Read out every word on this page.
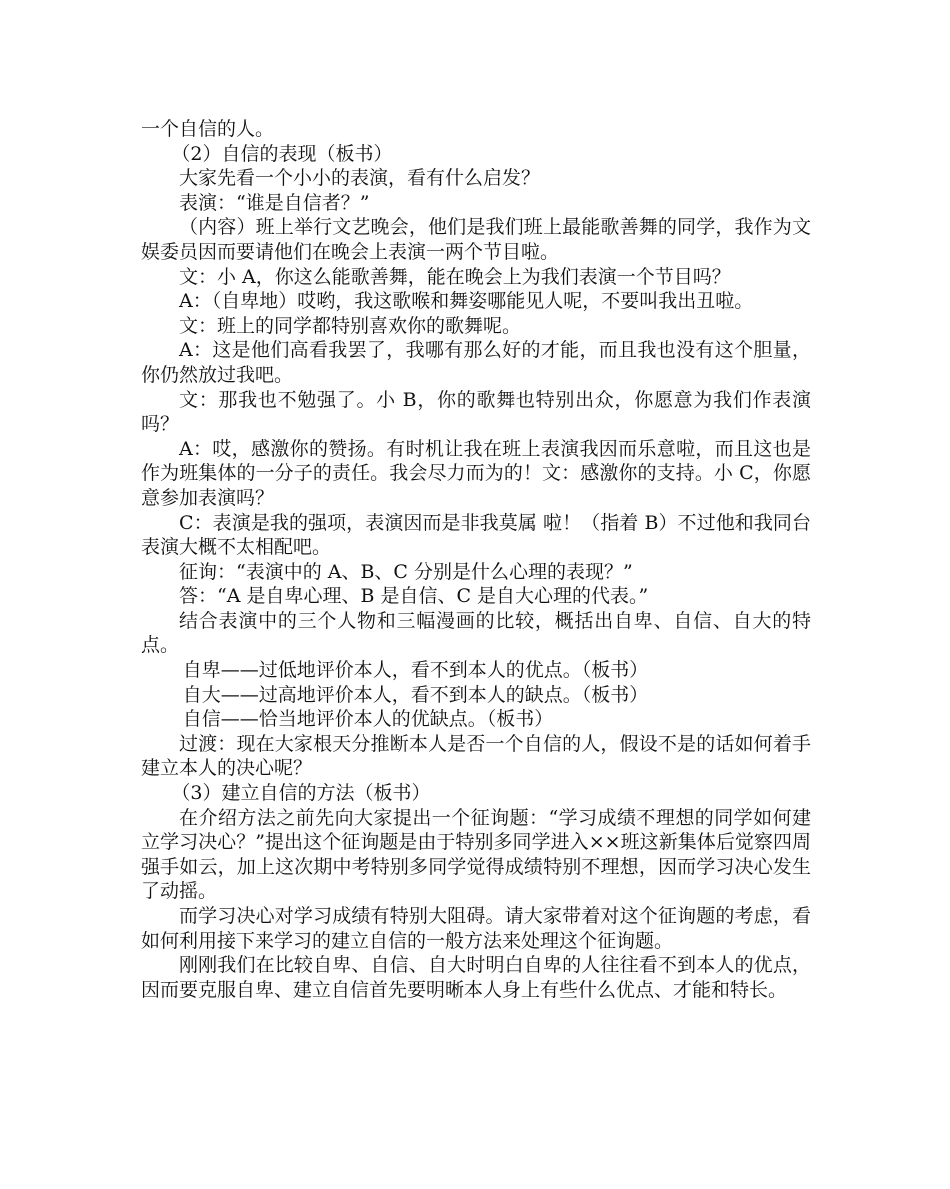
一个自信的人。

（2）自信的表现（板书）

大家先看一个小小的表演，看有什么启发？

表演：“谁是自信者？”

（内容）班上举行文艺晚会，他们是我们班上最能歌善舞的同学，我作为文娱委员因而要请他们在晚会上表演一两个节目啦。

文：小 A，你这么能歌善舞，能在晚会上为我们表演一个节目吗？

A：（自卑地）哎哟，我这歌喉和舞姿哪能见人呢，不要叫我出丑啦。

文：班上的同学都特别喜欢你的歌舞呢。

A：这是他们高看我罢了，我哪有那么好的才能，而且我也没有这个胆量， 你仍然放过我吧。

文：那我也不勉强了。小 B，你的歌舞也特别出众，你愿意为我们作表演吗？

A：哎，感激你的赞扬。有时机让我在班上表演我因而乐意啦，而且这也是作为班集体的一分子的责任。我会尽力而为的！文：感激你的支持。小 C，你愿意参加表演吗？

C：表演是我的强项，表演因而是非我莫属 啦！（指着 B）不过他和我同台表演大概不太相配吧。

征询：“表演中的 A、B、C 分别是什么心理的表现？”

答：“A 是自卑心理、B 是自信、C 是自大心理的代表。”

结合表演中的三个人物和三幅漫画的比较，概括出自卑、自信、自大的特点。

自卑——过低地评价本人，看不到本人的优点。（板书）

自大——过高地评价本人，看不到本人的缺点。（板书）

自信——恰当地评价本人的优缺点。（板书）

过渡：现在大家根天分推断本人是否一个自信的人，假设不是的话如何着手建立本人的决心呢？

（3）建立自信的方法（板书）

在介绍方法之前先向大家提出一个征询题：“学习成绩不理想的同学如何建立学习决心？”提出这个征询题是由于特别多同学进入××班这新集体后觉察四周强手如云，加上这次期中考特别多同学觉得成绩特别不理想，因而学习决心发生了动摇。

而学习决心对学习成绩有特别大阻碍。请大家带着对这个征询题的考虑，看如何利用接下来学习的建立自信的一般方法来处理这个征询题。

刚刚我们在比较自卑、自信、自大时明白自卑的人往往看不到本人的优点，因而要克服自卑、建立自信首先要明晰本人身上有些什么优点、才能和特长。
